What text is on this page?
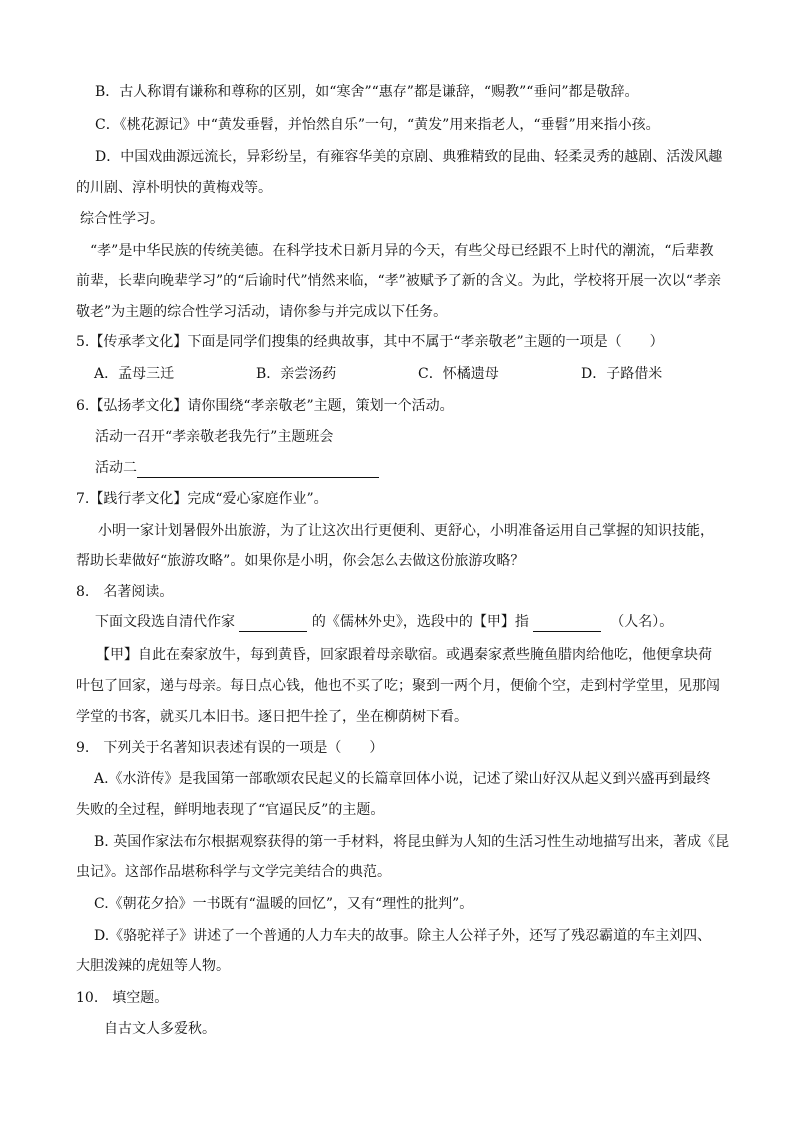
B．古人称谓有谦称和尊称的区别，如“寒舍”“惠存”都是谦辞，“赐教”“垂问”都是敬辞。
C．《桃花源记》中“黄发垂髫，并怡然自乐”一句，“黄发”用来指老人，“垂髫”用来指小孩。
D．中国戏曲源远流长，异彩纷呈，有雍容华美的京剧、典雅精致的昆曲、轻柔灵秀的越剧、活泼风趣
的川剧、淳朴明快的黄梅戏等。
综合性学习。
“孝”是中华民族的传统美德。在科学技术日新月异的今天，有些父母已经跟不上时代的潮流，“后辈教
前辈，长辈向晚辈学习”的“后谕时代”悄然来临，“孝”被赋予了新的含义。为此，学校将开展一次以“孝亲
敬老”为主题的综合性学习活动，请你参与并完成以下任务。
5.【传承孝文化】下面是同学们搜集的经典故事，其中不属于“孝亲敬老”主题的一项是（　　）
A．孟母三迁	B．亲尝汤药	C．怀橘遗母	D．子路借米
6.【弘扬孝文化】请你围绕“孝亲敬老”主题，策划一个活动。
活动一召开“孝亲敬老我先行”主题班会
活动二
7.【践行孝文化】完成“爱心家庭作业”。
小明一家计划暑假外出旅游，为了让这次出行更便利、更舒心，小明准备运用自己掌握的知识技能，
帮助长辈做好“旅游攻略”。如果你是小明，你会怎么去做这份旅游攻略？
8.　名著阅读。
下面文段选自清代作家	的《儒林外史》，选段中的【甲】指	（人名）。
【甲】自此在秦家放牛，每到黄昏，回家跟着母亲歇宿。或遇秦家煮些腌鱼腊肉给他吃，他便拿块荷
叶包了回家，递与母亲。每日点心钱，他也不买了吃；聚到一两个月，便偷个空，走到村学堂里，见那闯
学堂的书客，就买几本旧书。逐日把牛拴了，坐在柳荫树下看。
9.　下列关于名著知识表述有误的一项是（　　）
A.《水浒传》是我国第一部歌颂农民起义的长篇章回体小说，记述了梁山好汉从起义到兴盛再到最终
失败的全过程，鲜明地表现了“官逼民反”的主题。
B. 英国作家法布尔根据观察获得的第一手材料，将昆虫鲜为人知的生活习性生动地描写出来，著成《昆
虫记》。这部作品堪称科学与文学完美结合的典范。
C.《朝花夕拾》一书既有“温暖的回忆”，又有“理性的批判”。
D.《骆驼祥子》讲述了一个普通的人力车夫的故事。除主人公祥子外，还写了残忍霸道的车主刘四、
大胆泼辣的虎妞等人物。
10.　填空题。
自古文人多爱秋。
